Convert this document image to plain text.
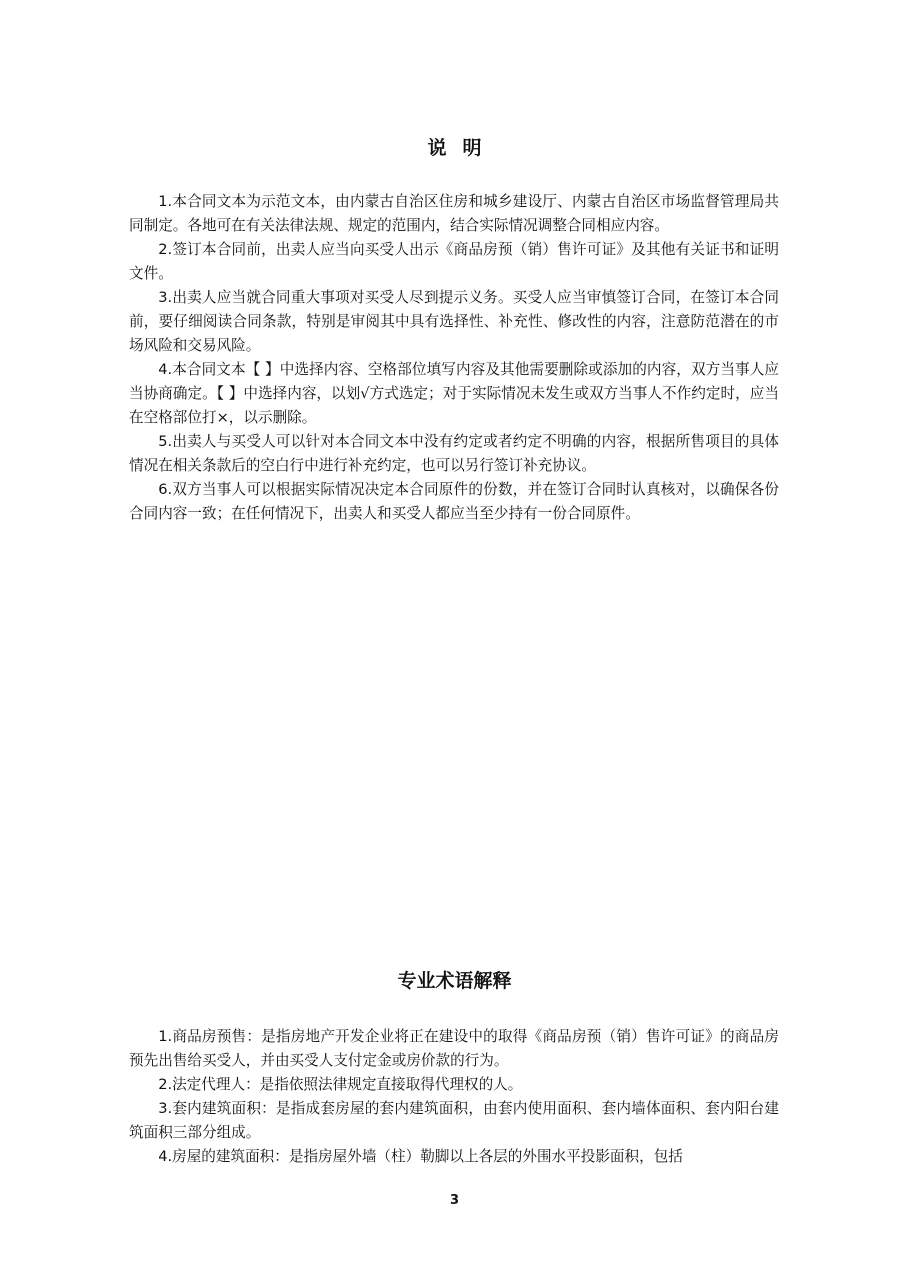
说明

1.本合同文本为示范文本，由内蒙古自治区住房和城乡建设厅、内蒙古自治区市场监督管理局共同制定。各地可在有关法律法规、规定的范围内，结合实际情况调整合同相应内容。

2.签订本合同前，出卖人应当向买受人出示《商品房预（销）售许可证》及其他有关证书和证明文件。

3.出卖人应当就合同重大事项对买受人尽到提示义务。买受人应当审慎签订合同，在签订本合同前，要仔细阅读合同条款，特别是审阅其中具有选择性、补充性、修改性的内容，注意防范潜在的市场风险和交易风险。

4.本合同文本【 】中选择内容、空格部位填写内容及其他需要删除或添加的内容，双方当事人应当协商确定。【 】中选择内容，以划√方式选定；对于实际情况未发生或双方当事人不作约定时，应当在空格部位打×，以示删除。

5.出卖人与买受人可以针对本合同文本中没有约定或者约定不明确的内容，根据所售项目的具体情况在相关条款后的空白行中进行补充约定，也可以另行签订补充协议。

6.双方当事人可以根据实际情况决定本合同原件的份数，并在签订合同时认真核对，以确保各份合同内容一致；在任何情况下，出卖人和买受人都应当至少持有一份合同原件。

专业术语解释

1.商品房预售：是指房地产开发企业将正在建设中的取得《商品房预（销）售许可证》的商品房预先出售给买受人，并由买受人支付定金或房价款的行为。

2.法定代理人：是指依照法律规定直接取得代理权的人。

3.套内建筑面积：是指成套房屋的套内建筑面积，由套内使用面积、套内墙体面积、套内阳台建筑面积三部分组成。

4.房屋的建筑面积：是指房屋外墙（柱）勒脚以上各层的外围水平投影面积，包括

3
